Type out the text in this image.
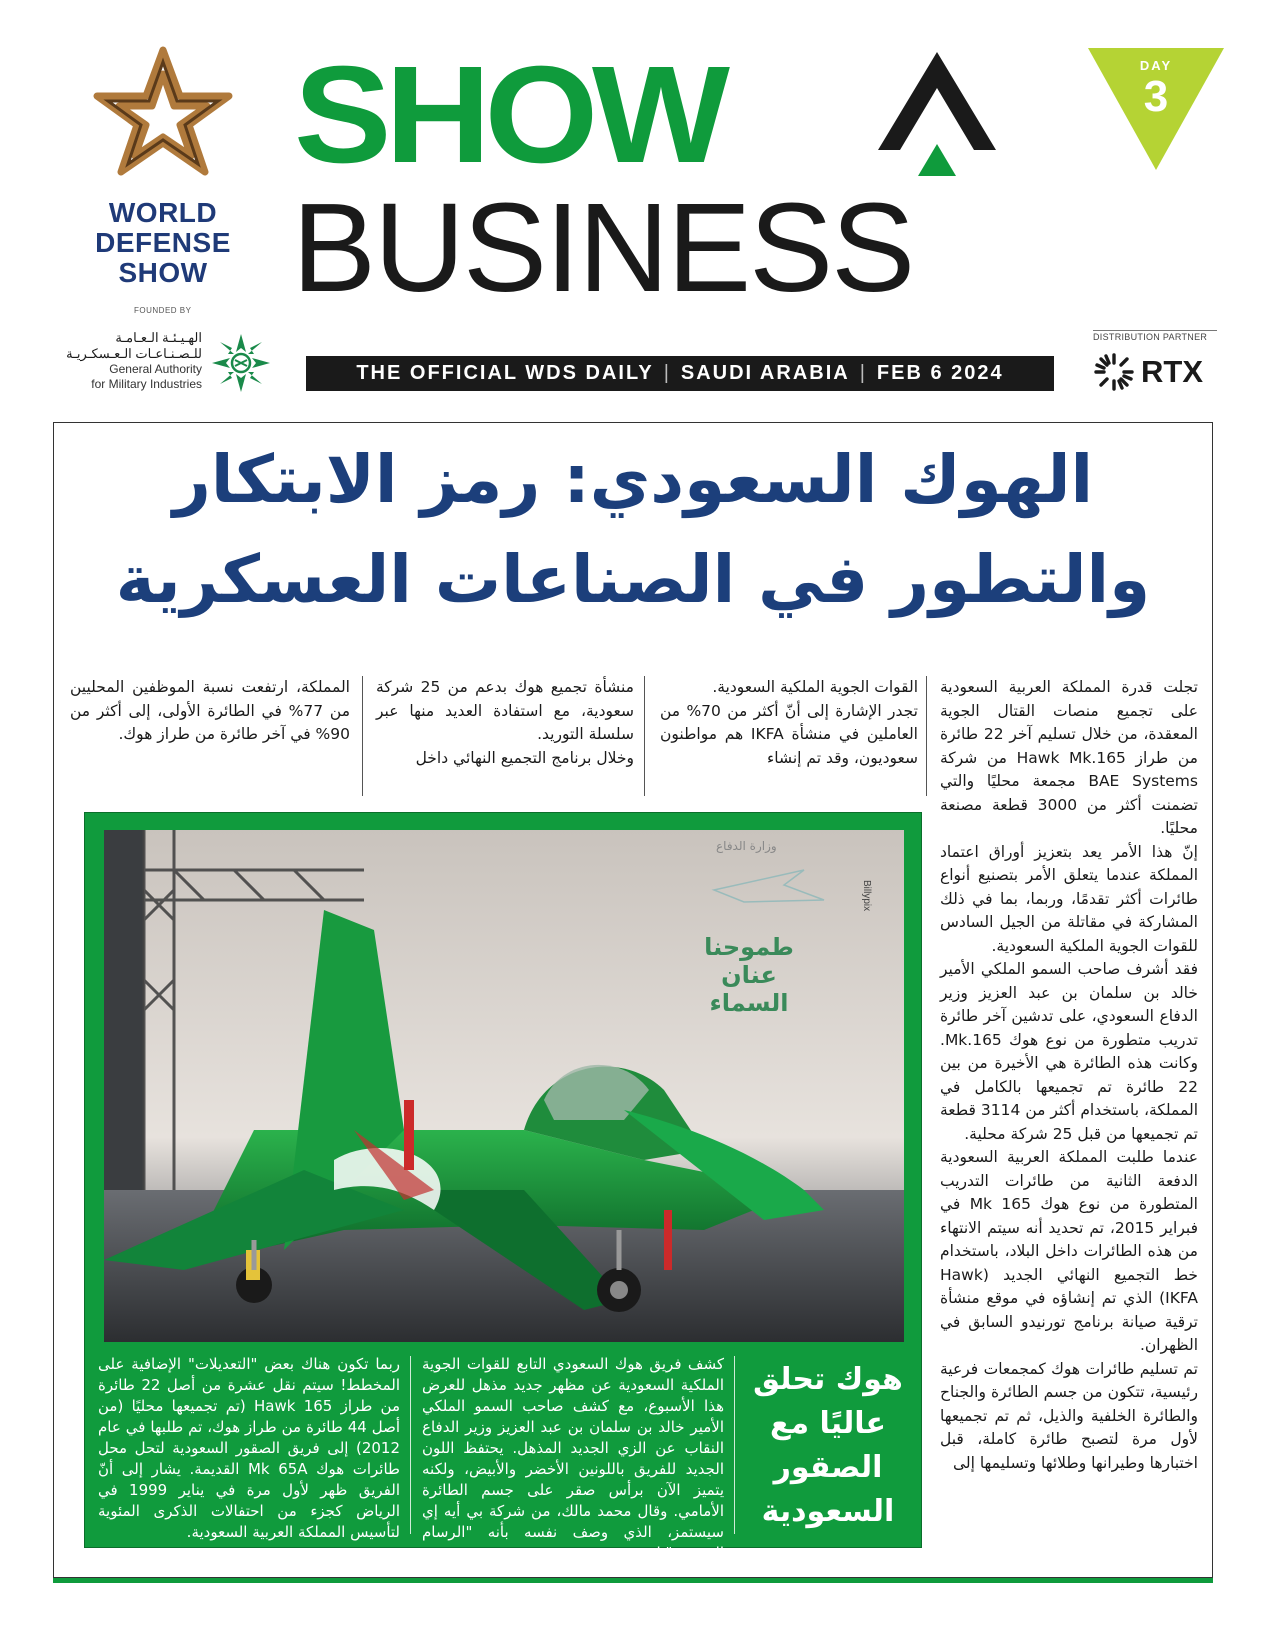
WORLD
DEFENSE
SHOW
FOUNDED BY
الهـيـئـة الـعـامـة
للـصـنـاعـات الـعـسكـريـة
General Authority
for Military Industries
SHOW
BUSINESS
THE OFFICIAL WDS DAILY | SAUDI ARABIA | FEB 6 2024
DAY
3
DISTRIBUTION PARTNER
RTX
الهوك السعودي: رمز الابتكار
والتطور في الصناعات العسكرية

تجلت قدرة المملكة العربية السعودية على تجميع منصات القتال الجوية المعقدة، من خلال تسليم آخر 22 طائرة من طراز Hawk Mk.165 من شركة BAE Systems مجمعة محليًا والتي تضمنت أكثر من 3000 قطعة مصنعة محليًا.

إنّ هذا الأمر يعد بتعزيز أوراق اعتماد المملكة عندما يتعلق الأمر بتصنيع أنواع طائرات أكثر تقدمًا، وربما، بما في ذلك المشاركة في مقاتلة من الجيل السادس للقوات الجوية الملكية السعودية.

فقد أشرف صاحب السمو الملكي الأمير خالد بن سلمان بن عبد العزيز وزير الدفاع السعودي، على تدشين آخر طائرة تدريب متطورة من نوع هوك Mk.165. وكانت هذه الطائرة هي الأخيرة من بين 22 طائرة تم تجميعها بالكامل في المملكة، باستخدام أكثر من 3114 قطعة تم تجميعها من قبل 25 شركة محلية.

عندما طلبت المملكة العربية السعودية الدفعة الثانية من طائرات التدريب المتطورة من نوع هوك Mk 165 في فبراير 2015، تم تحديد أنه سيتم الانتهاء من هذه الطائرات داخل البلاد، باستخدام خط التجميع النهائي الجديد (Hawk IKFA) الذي تم إنشاؤه في موقع منشأة ترقية صيانة برنامج تورنيدو السابق في الظهران.

تم تسليم طائرات هوك كمجمعات فرعية رئيسية، تتكون من جسم الطائرة والجناح والطائرة الخلفية والذيل، ثم تم تجميعها لأول مرة لتصبح طائرة كاملة، قبل اختبارها وطيرانها وطلائها وتسليمها إلى

القوات الجوية الملكية السعودية.

تجدر الإشارة إلى أنّ أكثر من 70% من العاملين في منشأة IKFA هم مواطنون سعوديون، وقد تم إنشاء

منشأة تجميع هوك بدعم من 25 شركة سعودية، مع استفادة العديد منها عبر سلسلة التوريد.

وخلال برنامج التجميع النهائي داخل

المملكة، ارتفعت نسبة الموظفين المحليين من 77% في الطائرة الأولى، إلى أكثر من 90% في آخر طائرة من طراز هوك.

وزارة الدفاع
طموحنا
عنان
السماء
Billypix
هوك تحلق
عاليًا مع
الصقور
السعودية

كشف فريق هوك السعودي التابع للقوات الجوية الملكية السعودية عن مظهر جديد مذهل للعرض هذا الأسبوع، مع كشف صاحب السمو الملكي الأمير خالد بن سلمان بن عبد العزيز وزير الدفاع النقاب عن الزي الجديد المذهل. يحتفظ اللون الجديد للفريق باللونين الأخضر والأبيض، ولكنه يتميز الآن برأس صقر على جسم الطائرة الأمامي. وقال محمد مالك، من شركة بي أيه إي سيستمز، الذي وصف نفسه بأنه "الرسام الرئيسي" إنه

ربما تكون هناك بعض "التعديلات" الإضافية على المخطط! سيتم نقل عشرة من أصل 22 طائرة من طراز Hawk 165 (تم تجميعها محليًا (من أصل 44 طائرة من طراز هوك، تم طلبها في عام 2012) إلى فريق الصقور السعودية لتحل محل طائرات هوك Mk 65A القديمة. يشار إلى أنّ الفريق ظهر لأول مرة في يناير 1999 في الرياض كجزء من احتفالات الذكرى المئوية لتأسيس المملكة العربية السعودية.
